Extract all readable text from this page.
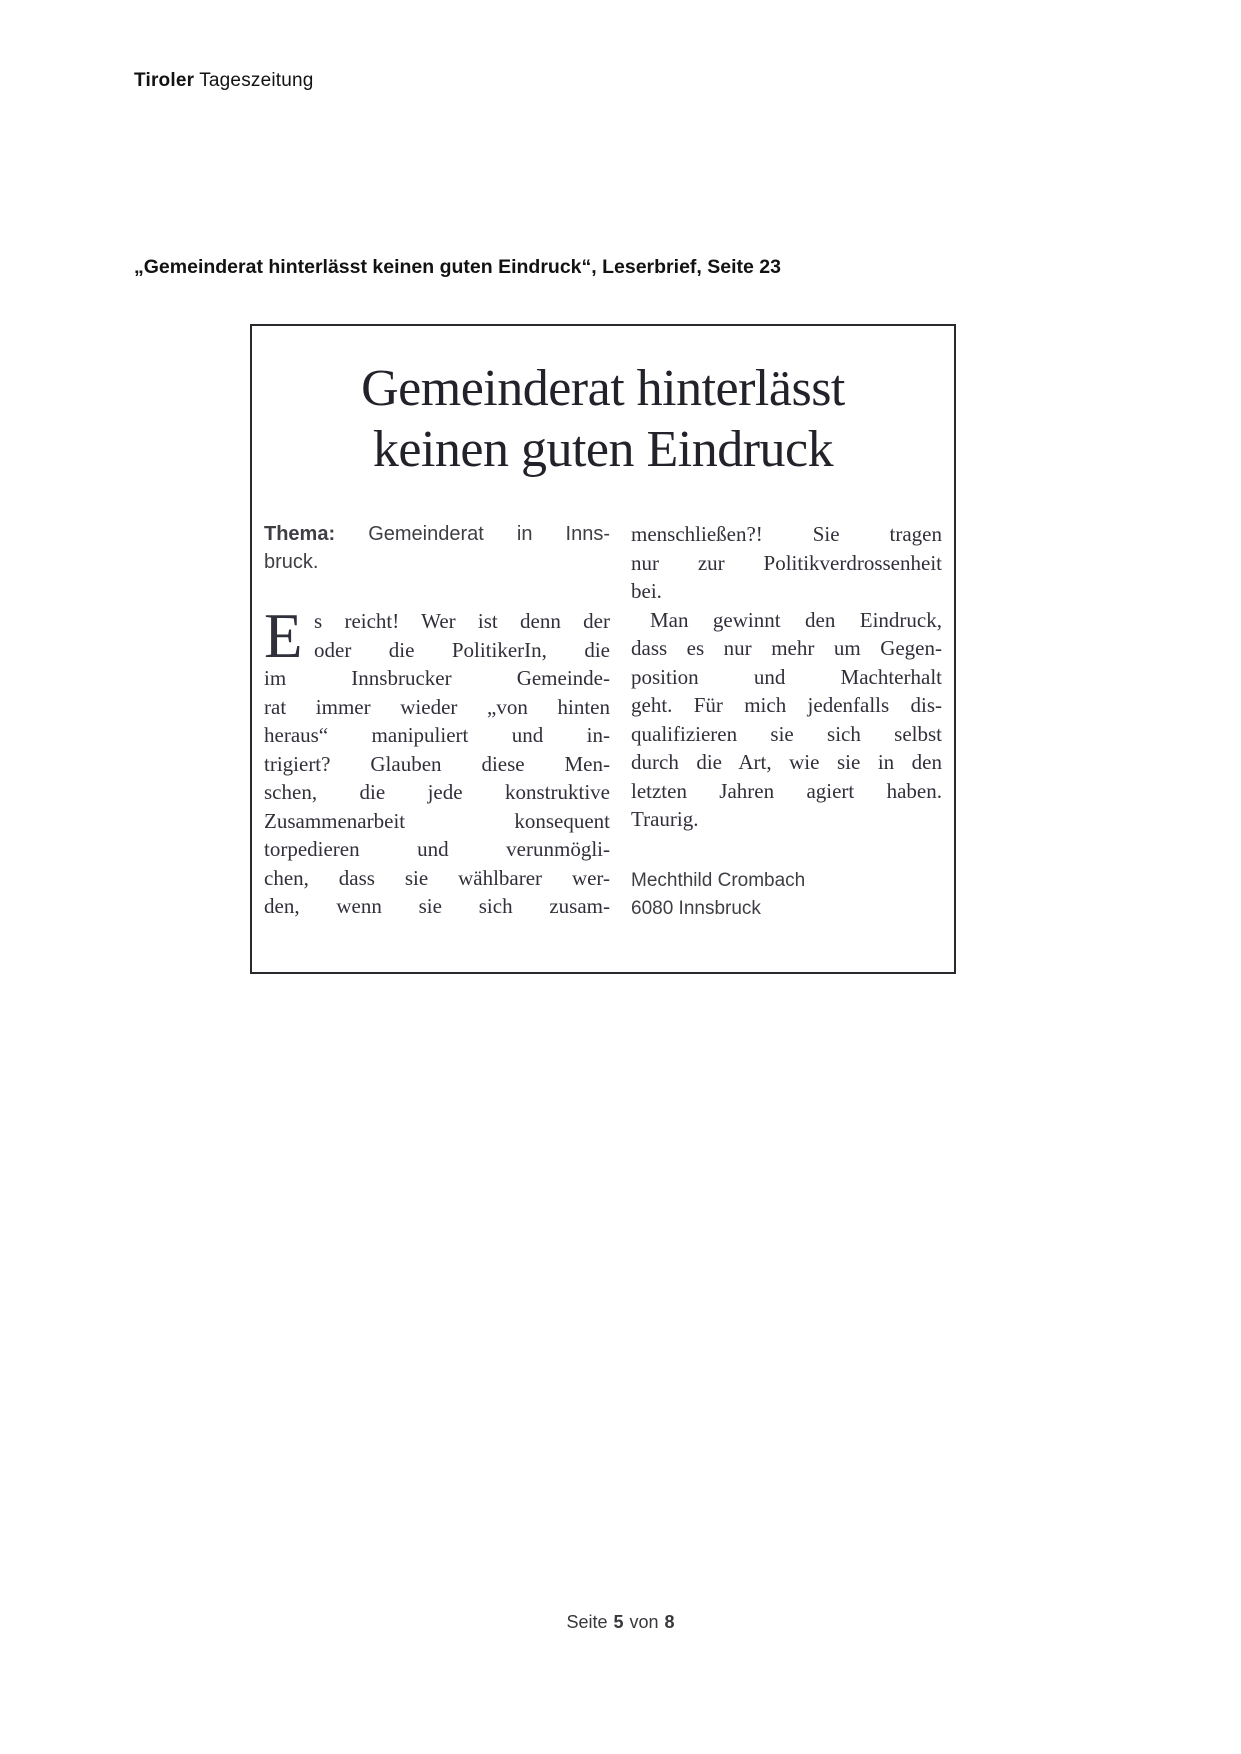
Tiroler Tageszeitung
„Gemeinderat hinterlässt keinen guten Eindruck“, Leserbrief, Seite 23
Gemeinderat hinterlässt
keinen guten Eindruck
Thema: Gemeinderat in Inns-
bruck.
E s reicht! Wer ist denn der
oder die PolitikerIn, die
im Innsbrucker Gemeinde-
rat immer wieder „von hinten
heraus“ manipuliert und in-
trigiert? Glauben diese Men-
schen, die jede konstruktive
Zusammenarbeit konsequent
torpedieren und verunmögli-
chen, dass sie wählbarer wer-
den, wenn sie sich zusam-
menschließen?! Sie tragen
nur zur Politikverdrossenheit
bei.
Man gewinnt den Eindruck,
dass es nur mehr um Gegen-
position und Machterhalt
geht. Für mich jedenfalls dis-
qualifizieren sie sich selbst
durch die Art, wie sie in den
letzten Jahren agiert haben.
Traurig.
Mechthild Crombach
6080 Innsbruck
Seite 5 von 8
